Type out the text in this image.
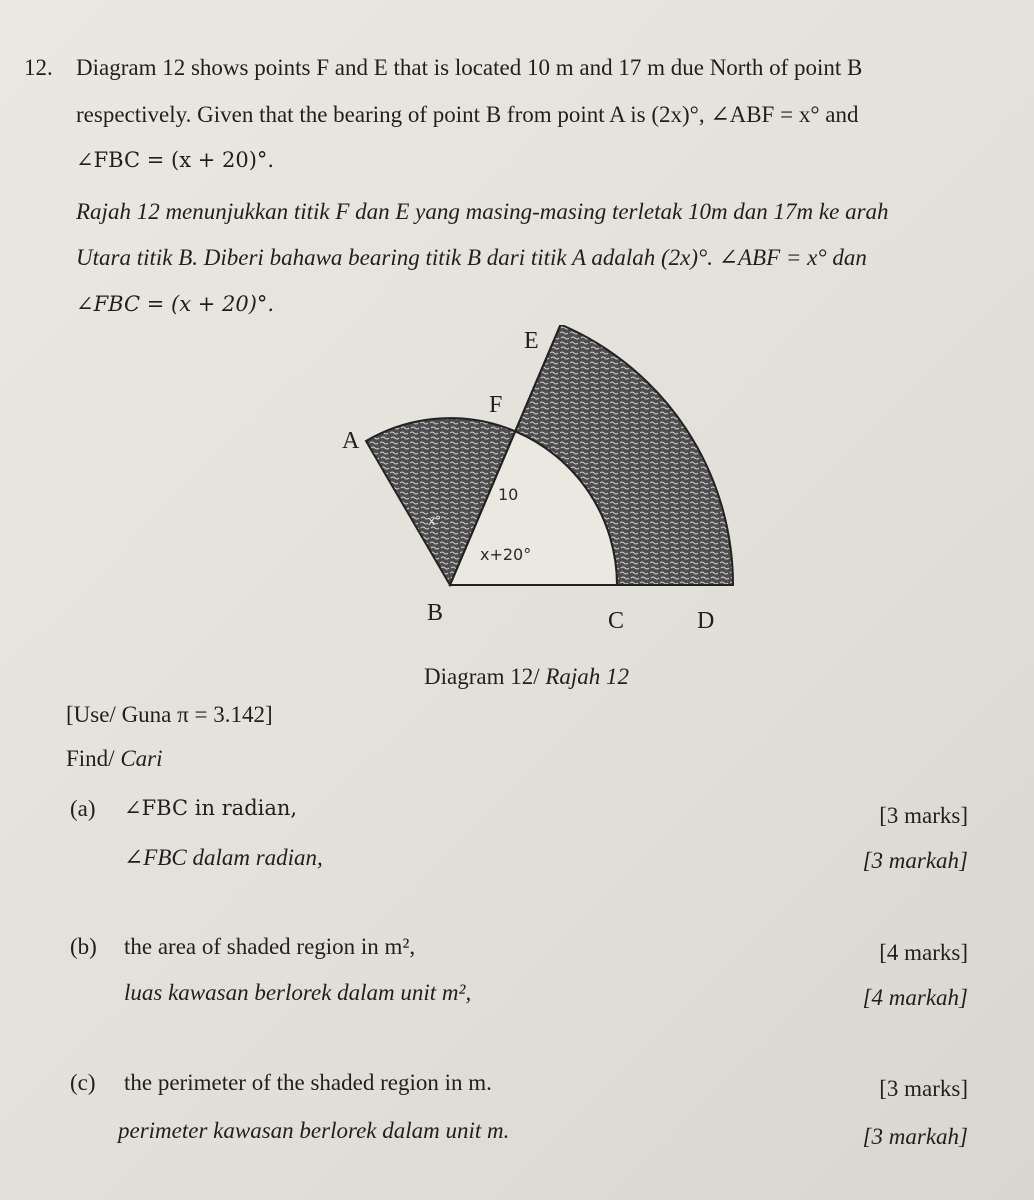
12. Diagram 12 shows points F and E that is located 10 m and 17 m due North of point B
respectively. Given that the bearing of point B from point A is (2x)°, ∠ABF = x° and
∠FBC = (x + 20)°.
Rajah 12 menunjukkan titik F dan E yang masing-masing terletak 10m dan 17m ke arah
Utara titik B. Diberi bahawa bearing titik B dari titik A adalah (2x)°. ∠ABF = x° dan
∠FBC = (x + 20)°.
10
x+20°
x°
E
F
A
B	C	D
Diagram 12/ Rajah 12
[Use/ Guna π = 3.142]
Find/ Cari
(a) ∠FBC in radian,	[3 marks]
∠FBC dalam radian,	[3 markah]
(b) the area of shaded region in m²,	[4 marks]
luas kawasan berlorek dalam unit m²,	[4 markah]
(c) the perimeter of the shaded region in m.	[3 marks]
perimeter kawasan berlorek dalam unit m.	[3 markah]
